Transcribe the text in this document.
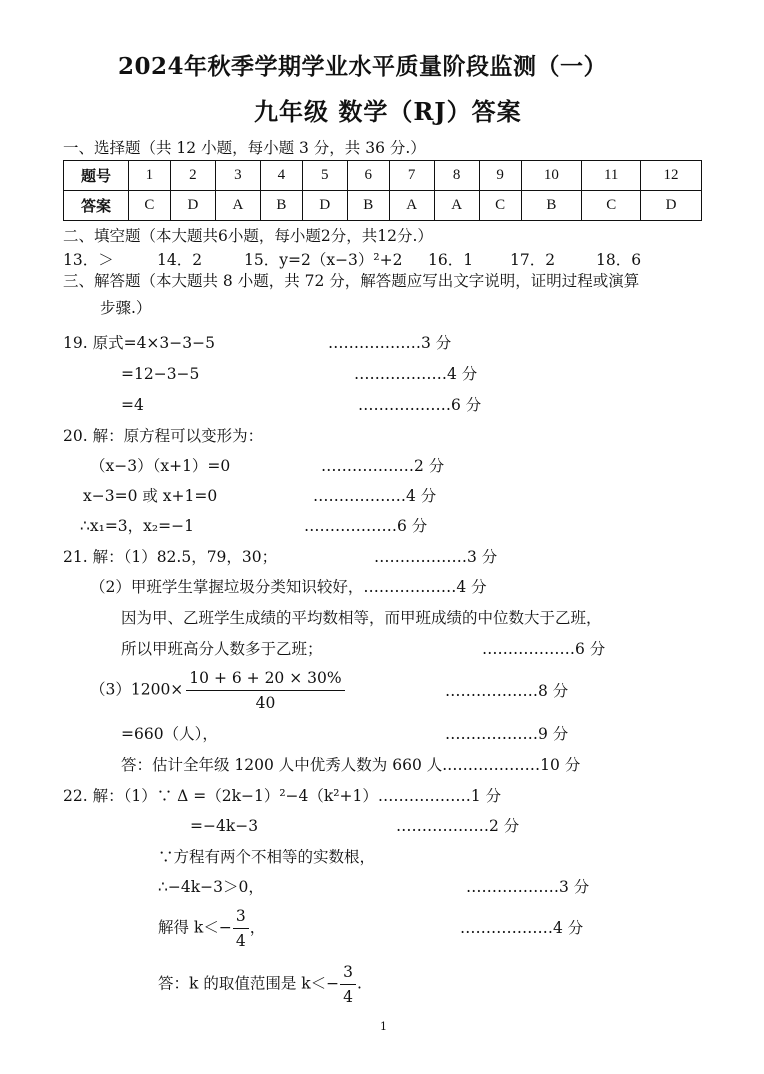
2024年秋季学期学业水平质量阶段监测（一）
九年级 数学（RJ）答案
一、选择题（共 12 小题，每小题 3 分，共 36 分.）
题号	1	2	3	4	5	6	7	8	9	10	11	12
答案	C	D	A	B	D	B	A	A	C	B	C	D
二、填空题（本大题共6小题，每小题2分，共12分.）
13．＞	14．2	15．y=2（x−3）²+2 16．1 17．2	18．6
三、解答题（本大题共 8 小题，共 72 分，解答题应写出文字说明，证明过程或演算
步骤.）
19. 原式=4×3−3−5	………………3 分
=12−3−5	………………4 分
=4	………………6 分
20. 解：原方程可以变形为：
（x−3）（x+1）=0	………………2 分
x−3=0 或 x+1=0	………………4 分
∴x₁=3，x₂=−1	………………6 分
21. 解：（1）82.5，79，30；	………………3 分
（2）甲班学生掌握垃圾分类知识较好，………………4 分
因为甲、乙班学生成绩的平均数相等，而甲班成绩的中位数大于乙班，
所以甲班高分人数多于乙班；	………………6 分
$(3)1200\times \frac{10 + 6 + 20 \times 30\%}{40}$	………………8 分
=660（人），	………………9 分
答：估计全年级 1200 人中优秀人数为 660 人.………………10 分
22. 解：（1）∵ Δ =（2k−1）²−4（k²+1）………………1 分
=−4k−3	………………2 分
∵方程有两个不相等的实数根，
∴−4k−3＞0，	………………3 分
解得 $k<- \frac{3}{4}$ ，	………………4 分
答：k 的取值范围是 $k<- \frac{3}{4}$ .
1
